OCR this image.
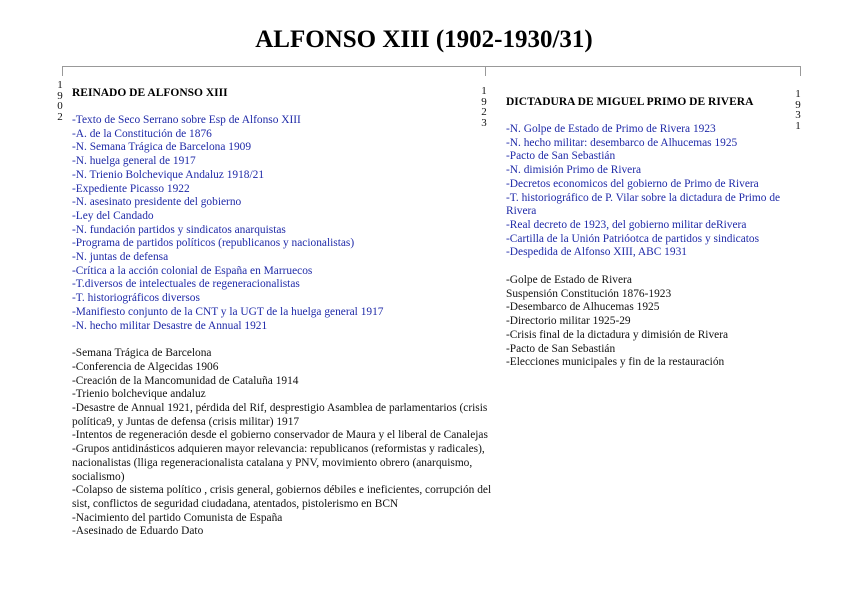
ALFONSO XIII (1902-1930/31)
1
9
0
2
1
9
2
3
1
9
3
1
REINADO DE ALFONSO XIII
-Texto de Seco Serrano sobre Esp de Alfonso XIII
-A. de la Constitución de 1876
-N. Semana Trágica de Barcelona 1909
-N. huelga general de 1917
-N. Trienio Bolchevique Andaluz 1918/21
-Expediente Picasso 1922
-N. asesinato presidente del gobierno
-Ley del Candado
-N. fundación partidos y sindicatos anarquistas
-Programa de partidos políticos (republicanos y nacionalistas)
-N. juntas de defensa
-Crítica a la acción colonial de España en Marruecos
-T.diversos de intelectuales de regeneracionalistas
-T. historiográficos diversos
-Manifiesto conjunto de la CNT y la UGT de la huelga general 1917
-N. hecho militar Desastre de Annual 1921
-Semana Trágica de Barcelona
-Conferencia de Algecidas 1906
-Creación de la Mancomunidad de Cataluña 1914
-Trienio bolchevique andaluz
-Desastre de Annual 1921, pérdida del Rif, desprestigio Asamblea de parlamentarios (crisis política9, y Juntas de defensa (crisis militar) 1917
-Intentos de regeneración desde el gobierno conservador de Maura y el liberal de Canalejas
-Grupos antidinásticos adquieren mayor relevancia: republicanos (reformistas y radicales), nacionalistas (lliga regeneracionalista catalana y PNV, movimiento obrero (anarquismo, socialismo)
-Colapso de sistema político , crisis general, gobiernos débiles e ineficientes, corrupción del sist, conflictos de seguridad ciudadana, atentados, pistolerismo en BCN
-Nacimiento del partido Comunista de España
-Asesinado de Eduardo Dato
DICTADURA DE MIGUEL PRIMO DE RIVERA
-N. Golpe de Estado de Primo de Rivera 1923
-N. hecho militar: desembarco de Alhucemas 1925
-Pacto de San Sebastián
-N. dimisión Primo de Rivera
-Decretos economicos del gobierno de Primo de Rivera
-T. historiográfico de P. Vilar sobre la dictadura de Primo de Rivera
-Real decreto de 1923, del gobierno militar deRivera
-Cartilla de la Unión Patrióotca de partidos y sindicatos
-Despedida de Alfonso XIII, ABC 1931
-Golpe de Estado de Rivera
Suspensión Constitución 1876-1923
-Desembarco de Alhucemas 1925
-Directorio militar 1925-29
-Crisis final de la dictadura y dimisión de Rivera
-Pacto de San Sebastián
-Elecciones municipales y fin de la restauración
